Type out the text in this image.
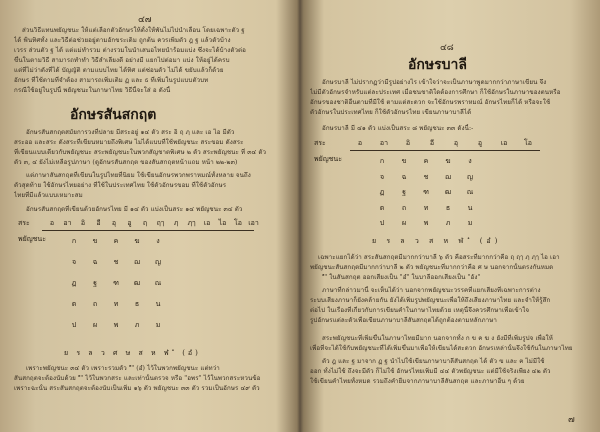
๔๗
ส่วนวิธีแทนพยัญชนะ ให้แต่เลือกตัวอักษรให้ตั้งให้พันไม่ไปนำเลื่อน โดยเฉพาะตัว ฐ
ได้ ฟ้นทิศทั้ง และวิธีต่อช่วยอยู่ตามอักขระเดิม ถูกต้น ควรเพิ่มตัว ฎ ฐ แล้วตัวบ้าง
เวรร ส่วนตัว ฐ ได้ แต่แม่ทำรวม ต่างรวมในนำเสนอไทยนำร้อมแบ่ง ซึ่งจะได้บ้างตัวต่อ
ขึ้นในตามวิธี สามารถทำทำ วิธีลำเลียงดี อย่างมี แยกไปต่อมา แบ่ง ให้อยู่ได้ครบ
แต่ที่ไม่ว่าดังที่ได้ บัญญัติ ตามแบบไทย ได้ทิศ แต่ซ่อนตัว ไม่ได้ ขยับแล้วก็ด้วย
อักษร ที่ใช้ตามที่จำต้อง สามารถเพิ่มเติม ฏ และ ธ ที่เพิ่มในรูปแบบตัวบท
กรณีใช้อยู่ในรูปนี้ พยัญชนะในภาษาไทย วิธีนี้จะใส่ อ ดังนี้
อักษรสันสกฤต
อักษรสันสกฤตสมัยการวงที่ปลาย มีสระอยู่ ๑๔ ตัว สระ อิ ฤ ฦ และ เอ ไอ มีตัว
สระออ และสระ ดังสระที่เขียนหมายถึงพิเศษ ไม่ได้แบบที่ใช้พยัญชนะ สระขอม ดังสระ
ที่เขียนแบบเดียวกับพยัญชนะ สระพยัญชนะในพวกสัญชาตพิเศษ ๒ ตัว สระพยัญชนะ ที่ ๓๔ ตัว
ตัว ๓, ๔ ยังไม่เหลือรูปภาษา (ดูอักษรสันสกฤต ของสันสกฤตหน้าแถม หน้า ๒๒-๒๓)
แต่ภาษาสันสกฤตที่เขียนในรูปไทยที่นิยม ใช้เขียนอักษรพวกพราหมณ์ทั้งหลาย จนถึง
ตัวสุดท้าย ใช้อักษรไทยอย่าง ที่ใช้ในประเทศไทย ใช้ตัวอักษรขอม ที่ใช้ตัวอักษร
ไทยที่มีแล้วแบบเหมาะสม
อักษรสันสกฤตที่เขียนด้วยอักษรไทย มี ๑๔ ตัว แบ่งเป็นสระ ๑๔ พยัญชนะ ๓๔ ตัว
สระ	อ	อา	อิ	อี	อุ	อู	ฤ	ฤๅ	ฦ	ฦๅ	เอ	ไอ	โอ เอา
พยัญชนะ	ก	ข	ค	ฆ	ง
จ	ฉ	ช	ฌ	ญ
ฏ	ฐ	ฑ	ฒ	ณ
ต	ถ	ท	ธ	น
ป	ผ	พ	ภ	ม
ย ร ล ว ศ ษ ส ห ฬ ํ (อํ)
เพราะพยัญชนะ ๓๔ ตัว เพราะรวมตัว "ํ" (อํ) ไว้ในพวกพยัญชนะ แต่ทว่า
สันสกฤตจะต้องนับด้วย "ํ" ไว้ในพวกสระ และเท่านั้นตรวจ หรือ "อพร" ไว้ในพวกสระหวนข้อ
เพราะฉะนั้น สระสันสกฤตจะต้องนับเป็นเพิ่ม ๑๖ ตัว พยัญชนะ ๓๓ ตัว รวมเป็นอักษร ๔๙ ตัว
๔๘
อักษรบาลี
อักษรบาลี ไม่ปรากฏว่ามีรูปอย่างไร เข้าใจว่าจะเป็นภาษาพูดมากกว่าภาษาเขียน จึง
ไม่มีตัวอักษรจำหรับแต่ละประเทศ เมื่อชนชาติใดต้องการศึกษา ก็ใช้อักษรในภาษาของตนหรือ
อักษรของชาติอื่นตามที่มีใช้ ตามแต่สะดวก จะใช้อักษรพราหมณ์ อักษรไทยก็ได้ หรือจะใช้
ตัวอักษรในประเทศไทย ก็ใช้ตัวอักษรไทย เขียนภาษาบาลีได้
อักษรบาลี มี ๔๑ ตัว แบ่งเป็นสระ ๘ พยัญชนะ ๓๓ ดังนี้:-
สระ	อ	อา	อิ	อี	อุ	อู	เอ	โอ
พยัญชนะ	ก	ข	ค	ฆ	ง
จ	ฉ	ช	ฌ	ญ
ฏ	ฐ	ฑ	ฒ	ณ
ต	ถ	ท	ธ	น
ป	ผ	พ	ภ	ม
ย ร ล ว ส ห ฬ ํ (อํ)
เฉพาะแยกได้ว่า สระสันสกฤตมีมากกว่าบาลี ๖ ตัว คือสระที่มากกว่าคือ ฤ ฤๅ ฦ ฦๅ ไอ เอา
พยัญชนะสันสกฤตมีมากกว่าบาลี ๒ ตัว พยัญชนะที่มากกว่าคือ ศ ษ นอกจากนั้นตรงกันหมด
"ํ" ในสันสกฤต ออกเสียงเป็น "อํ" ในบาลีออกเสียงเป็น "อัง"
ภาษาที่กล่าวมานี้ จะเห็นได้ว่า นอกจากพยัญชนะวรรคที่แยกเสียงที่เฉพาะการต่าง
ระบบเสียงภาษาก็ยังคล้ายกัน ยังได้เพิ่มรูปพยัญชนะเพื่อให้ถึงเสียงภาษาไทย และจำให้รู้สึก
ต่อไป ในเรื่องที่เกี่ยวกับการเขียนคำในภาษาไทยด้วย เหตุนี้จึงควรศึกษาเพื่อเข้าใจ
รูปอักษรแต่ละตัวเพื่อเขียนภาษาบาลีสันสกฤตได้ถูกต้องตามหลักภาษา
สระพยัญชนะที่เพิ่มขึ้นในภาษาไทยมีมาก นอกจากทั้ง ก ข ค ฆ ง ยังมีที่เพิ่มรูปจ เพื่อให้
เพื่อที่จะได้ใช้กับพยัญชนะที่ได้เพิ่มขึ้นมาเพื่อให้เขียนได้สะดวก อักษรเหล่านั้นจึงใช้กันในภาษาไทย
ตัว ฎ และ ฐ มาจาก ฏ ฐ นำไปใช้เขียนภาษาบาลีสันสกฤต ได้ ตัว ฃ และ ฅ ไม่มีใช้
ออก ทั้งไม่ใช้ ถึงจะมีตัว ก็ไม่ใช้ อักษรไทยเพิ่มมี ๔๔ ตัวพยัญชนะ แต่มีใช้จริงเพียง ๔๒ ตัว
ใช้เขียนคำไทยทั้งหมด รวมถึงคำยืมจากภาษาบาลีสันสกฤต และภาษาอื่น ๆ ด้วย
๗
